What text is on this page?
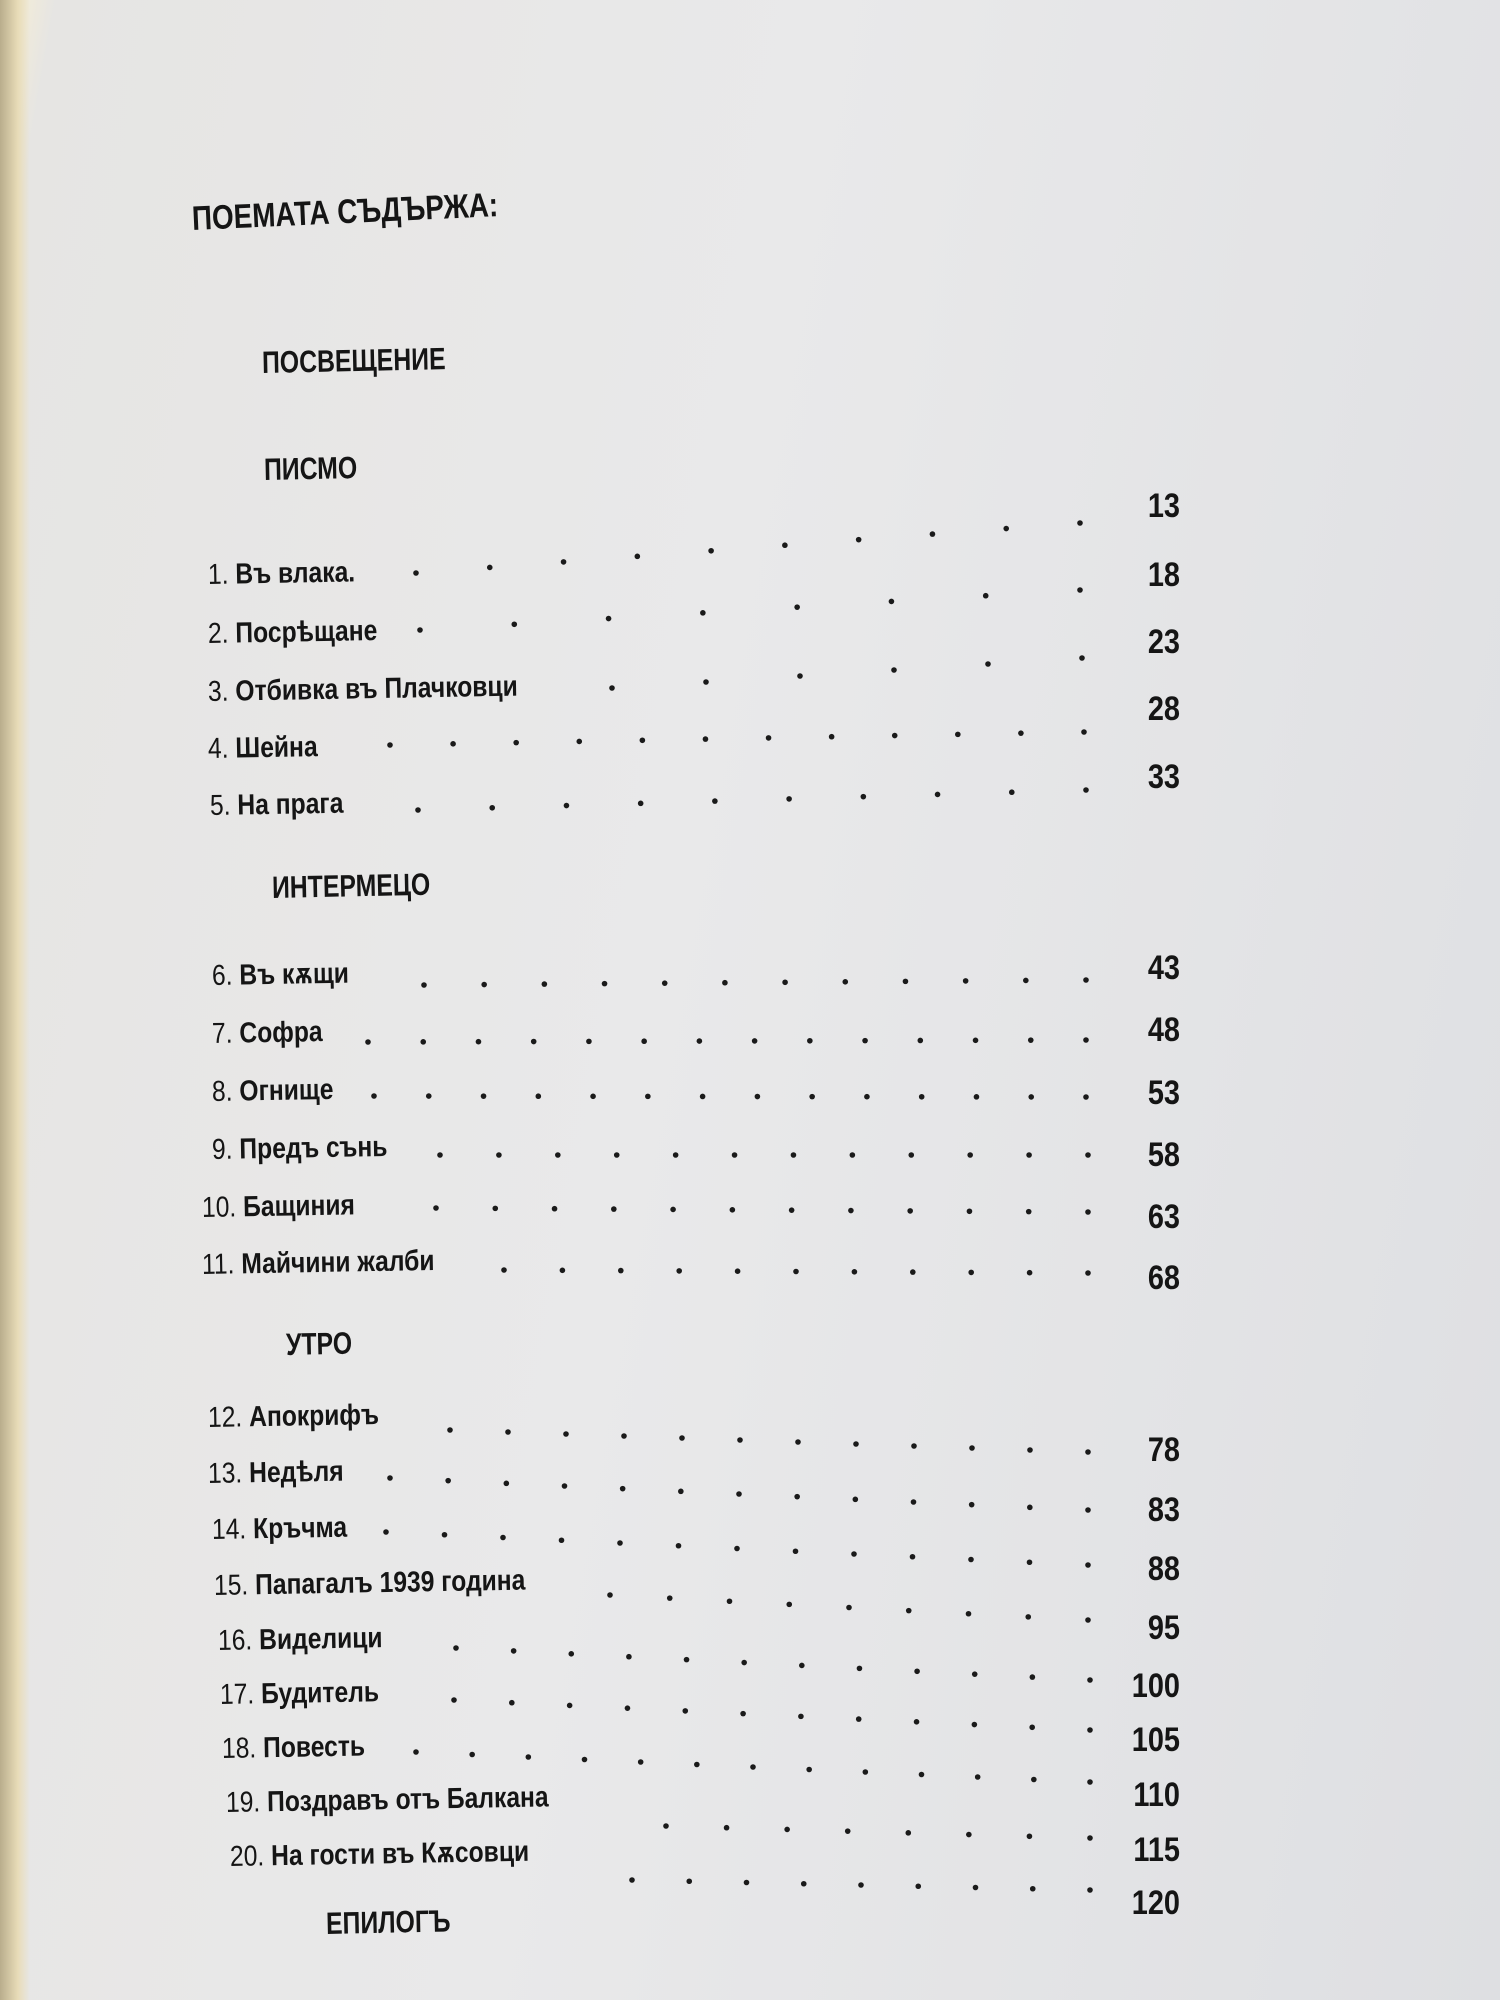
ПОЕМАТА СЪДЪРЖА:
ПОСВЕЩЕНИЕ
ПИСМО
1. Въ влака.
2. Посрѣщане
3. Отбивка въ Плачковци
4. Шейна
5. На прага
ИНТЕРМЕЦО
6. Въ кѫщи
7. Софра
8. Огнище
9. Предъ сънь
10. Бащиния
11. Майчини жалби
УТРО
12. Апокрифъ
13. Недѣля
14. Кръчма
15. Папагалъ 1939 година
16. Виделици
17. Будитель
18. Повесть
19. Поздравъ отъ Балкана
20. На гости въ Кѫсовци
ЕПИЛОГЪ
13
18
23
28
33
43
48
53
58
63
68
78
83
88
95
100
105
110
115
120
